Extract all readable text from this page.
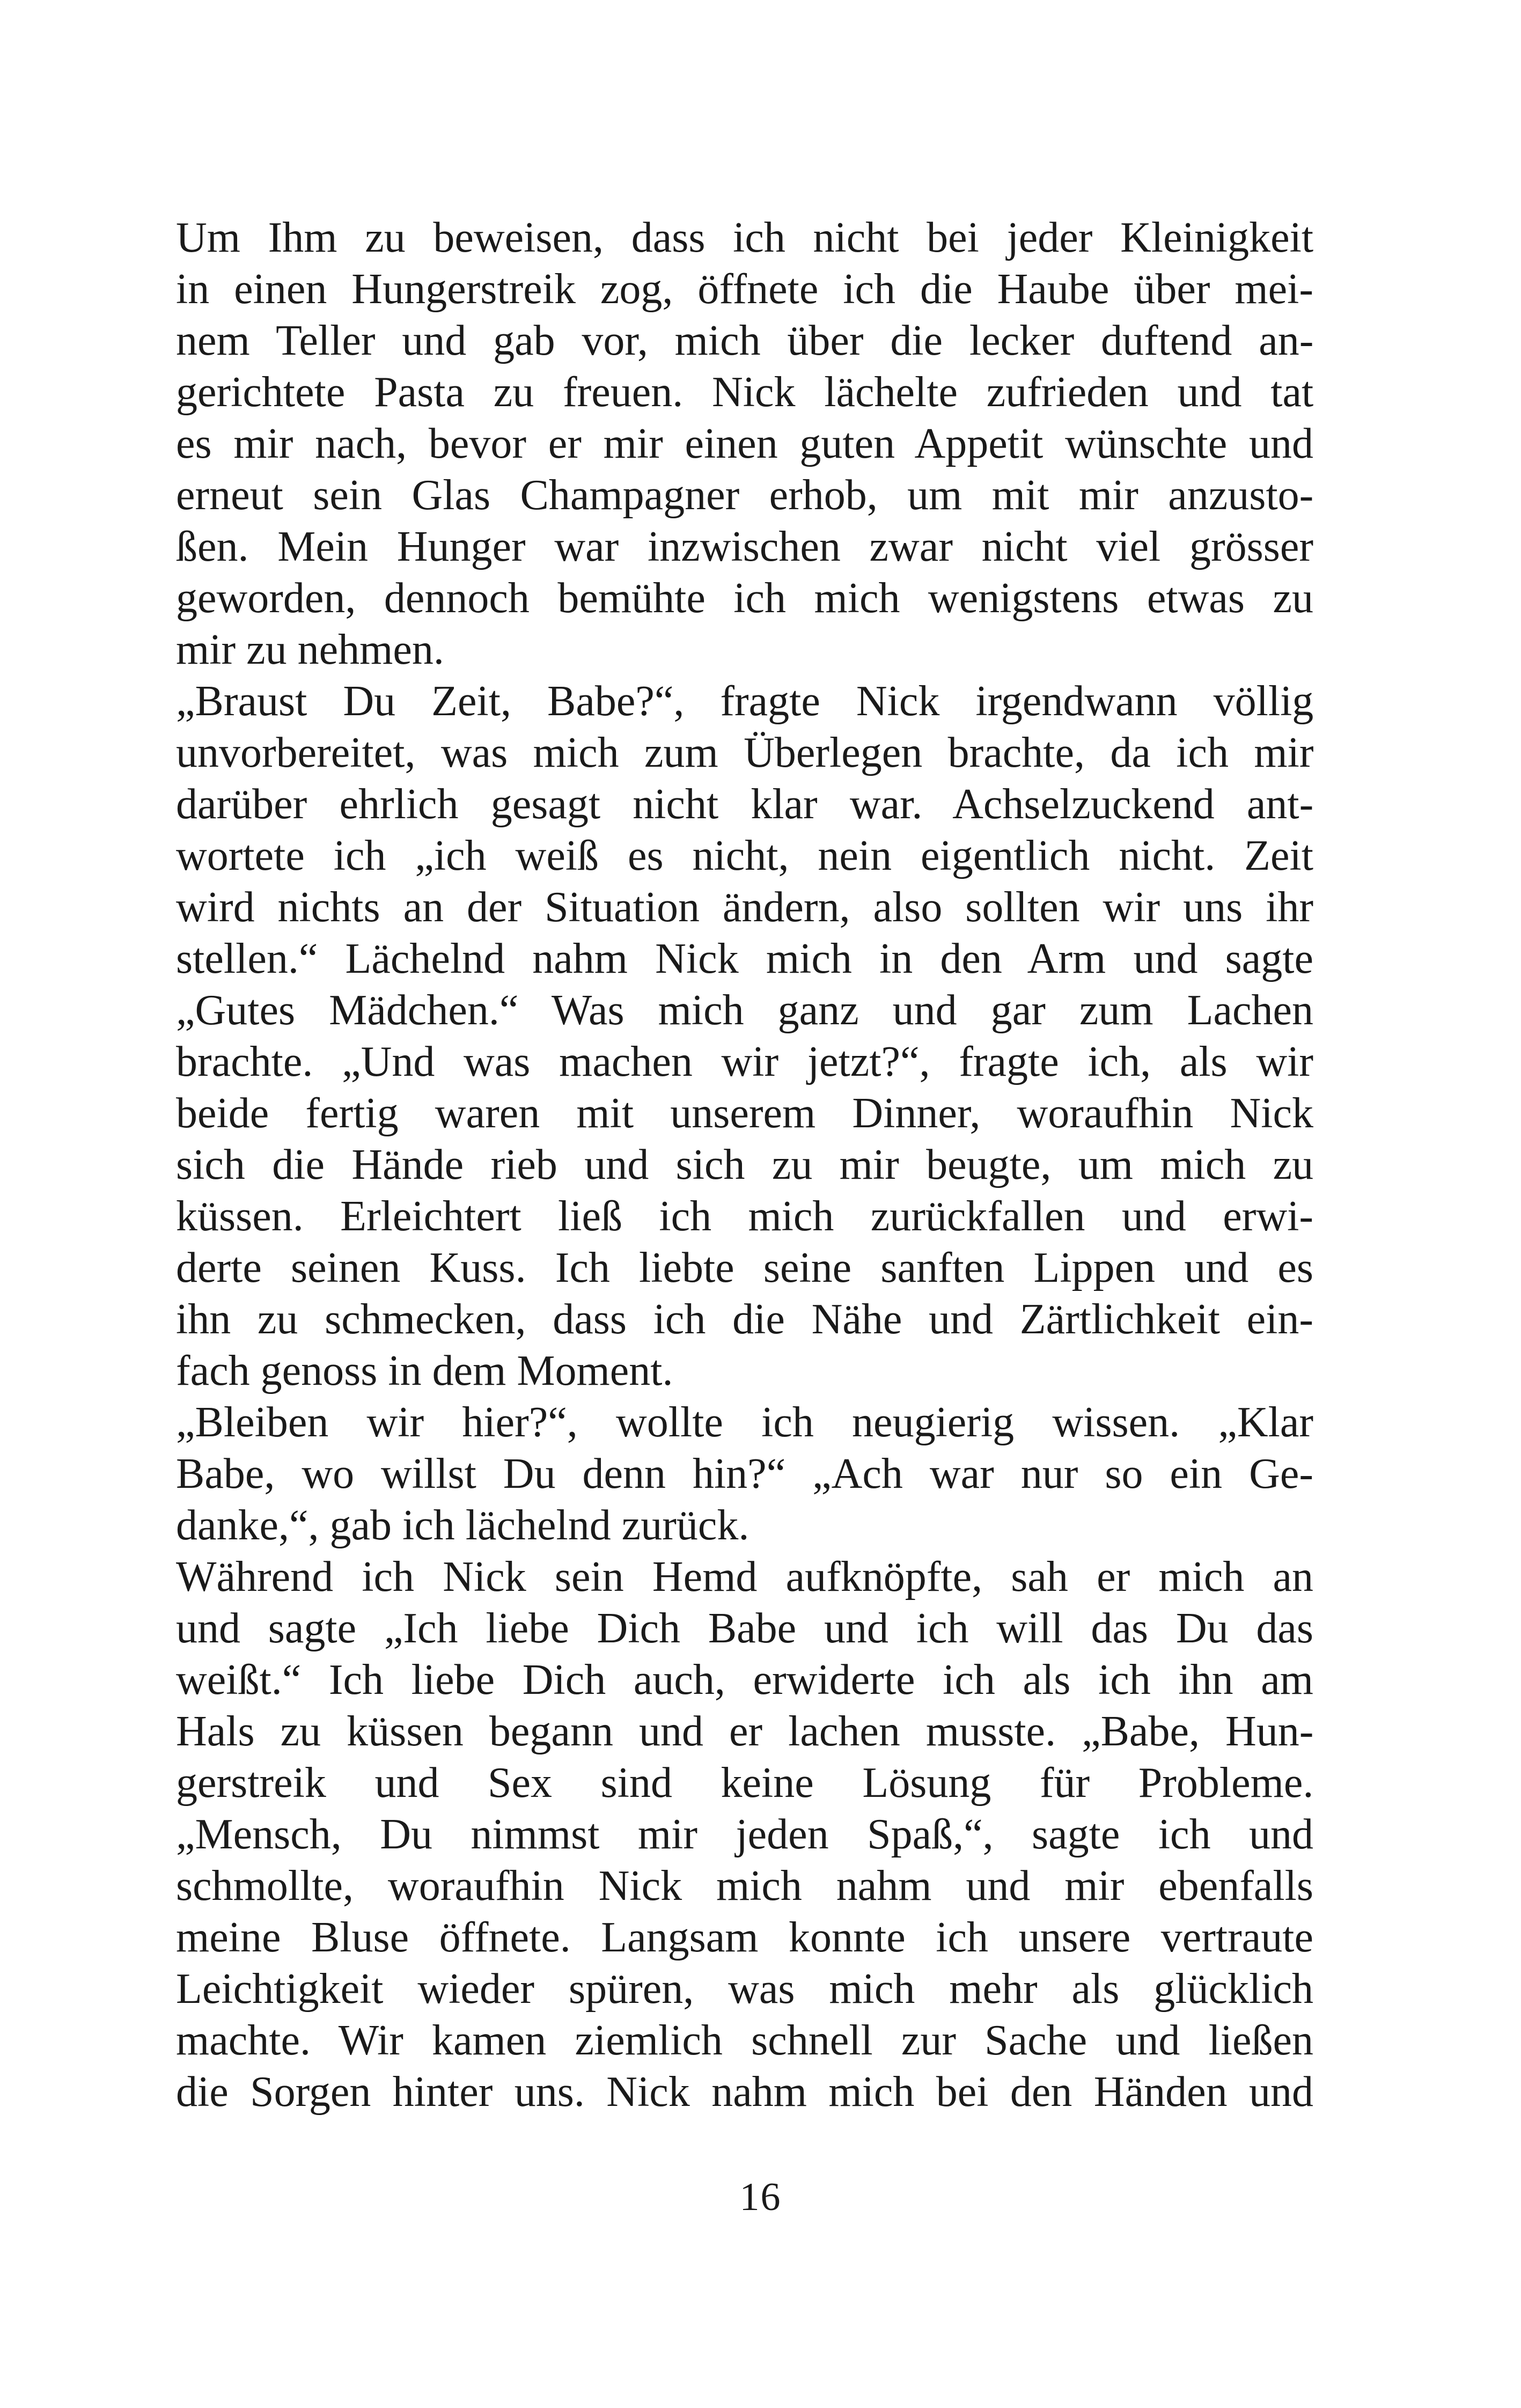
Um Ihm zu beweisen, dass ich nicht bei jeder Kleinigkeit
in einen Hungerstreik zog, öffnete ich die Haube über mei-
nem Teller und gab vor, mich über die lecker duftend an-
gerichtete Pasta zu freuen. Nick lächelte zufrieden und tat
es mir nach, bevor er mir einen guten Appetit wünschte und
erneut sein Glas Champagner erhob, um mit mir anzusto-
ßen. Mein Hunger war inzwischen zwar nicht viel grösser
geworden, dennoch bemühte ich mich wenigstens etwas zu
mir zu nehmen.
„Braust Du Zeit, Babe?“, fragte Nick irgendwann völlig
unvorbereitet, was mich zum Überlegen brachte, da ich mir
darüber ehrlich gesagt nicht klar war. Achselzuckend ant-
wortete ich „ich weiß es nicht, nein eigentlich nicht. Zeit
wird nichts an der Situation ändern, also sollten wir uns ihr
stellen.“ Lächelnd nahm Nick mich in den Arm und sagte
„Gutes Mädchen.“ Was mich ganz und gar zum Lachen
brachte. „Und was machen wir jetzt?“, fragte ich, als wir
beide fertig waren mit unserem Dinner, woraufhin Nick
sich die Hände rieb und sich zu mir beugte, um mich zu
küssen. Erleichtert ließ ich mich zurückfallen und erwi-
derte seinen Kuss. Ich liebte seine sanften Lippen und es
ihn zu schmecken, dass ich die Nähe und Zärtlichkeit ein-
fach genoss in dem Moment.
„Bleiben wir hier?“, wollte ich neugierig wissen. „Klar
Babe, wo willst Du denn hin?“ „Ach war nur so ein Ge-
danke,“, gab ich lächelnd zurück.
Während ich Nick sein Hemd aufknöpfte, sah er mich an
und sagte „Ich liebe Dich Babe und ich will das Du das
weißt.“ Ich liebe Dich auch, erwiderte ich als ich ihn am
Hals zu küssen begann und er lachen musste. „Babe, Hun-
gerstreik und Sex sind keine Lösung für Probleme.
„Mensch, Du nimmst mir jeden Spaß,“, sagte ich und
schmollte, woraufhin Nick mich nahm und mir ebenfalls
meine Bluse öffnete. Langsam konnte ich unsere vertraute
Leichtigkeit wieder spüren, was mich mehr als glücklich
machte. Wir kamen ziemlich schnell zur Sache und ließen
die Sorgen hinter uns. Nick nahm mich bei den Händen und
16
